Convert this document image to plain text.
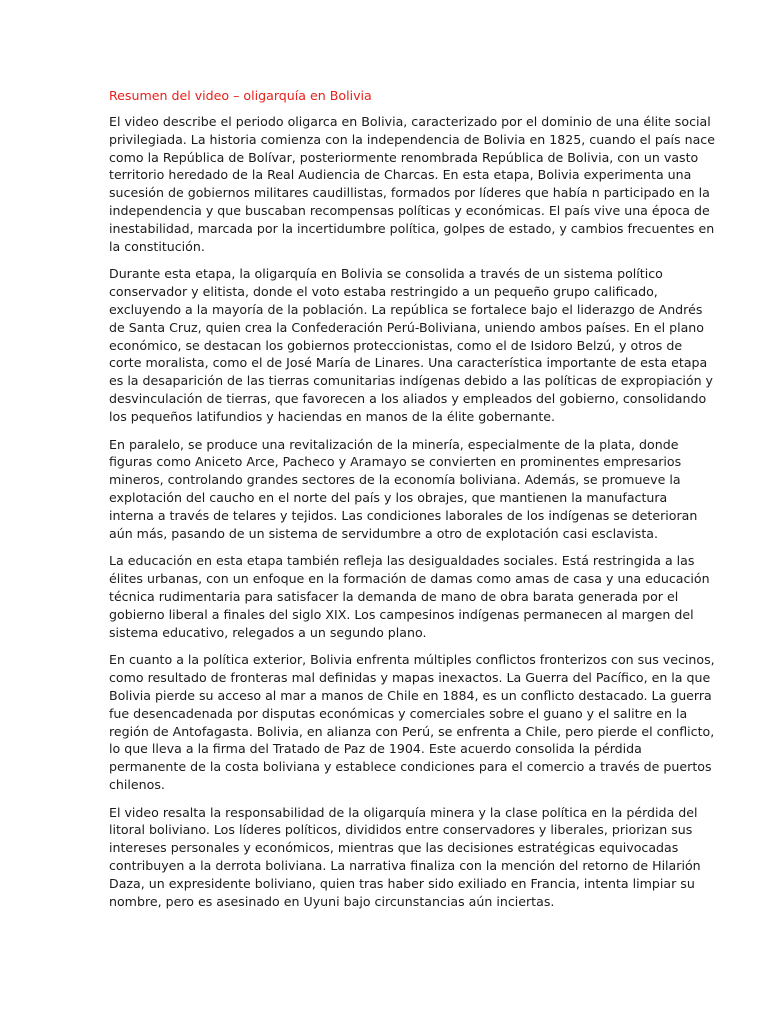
Resumen del video – oligarquía en Bolivia

El video describe el periodo oligarca en Bolivia, caracterizado por el dominio de una élite social
privilegiada. La historia comienza con la independencia de Bolivia en 1825, cuando el país nace
como la República de Bolívar, posteriormente renombrada República de Bolivia, con un vasto
territorio heredado de la Real Audiencia de Charcas. En esta etapa, Bolivia experimenta una
sucesión de gobiernos militares caudillistas, formados por líderes que había n participado en la
independencia y que buscaban recompensas políticas y económicas. El país vive una época de
inestabilidad, marcada por la incertidumbre política, golpes de estado, y cambios frecuentes en
la constitución.

Durante esta etapa, la oligarquía en Bolivia se consolida a través de un sistema político
conservador y elitista, donde el voto estaba restringido a un pequeño grupo calificado,
excluyendo a la mayoría de la población. La república se fortalece bajo el liderazgo de Andrés
de Santa Cruz, quien crea la Confederación Perú-Boliviana, uniendo ambos países. En el plano
económico, se destacan los gobiernos proteccionistas, como el de Isidoro Belzú, y otros de
corte moralista, como el de José María de Linares. Una característica importante de esta etapa
es la desaparición de las tierras comunitarias indígenas debido a las políticas de expropiación y
desvinculación de tierras, que favorecen a los aliados y empleados del gobierno, consolidando
los pequeños latifundios y haciendas en manos de la élite gobernante.

En paralelo, se produce una revitalización de la minería, especialmente de la plata, donde
figuras como Aniceto Arce, Pacheco y Aramayo se convierten en prominentes empresarios
mineros, controlando grandes sectores de la economía boliviana. Además, se promueve la
explotación del caucho en el norte del país y los obrajes, que mantienen la manufactura
interna a través de telares y tejidos. Las condiciones laborales de los indígenas se deterioran
aún más, pasando de un sistema de servidumbre a otro de explotación casi esclavista.

La educación en esta etapa también refleja las desigualdades sociales. Está restringida a las
élites urbanas, con un enfoque en la formación de damas como amas de casa y una educación
técnica rudimentaria para satisfacer la demanda de mano de obra barata generada por el
gobierno liberal a finales del siglo XIX. Los campesinos indígenas permanecen al margen del
sistema educativo, relegados a un segundo plano.

En cuanto a la política exterior, Bolivia enfrenta múltiples conflictos fronterizos con sus vecinos,
como resultado de fronteras mal definidas y mapas inexactos. La Guerra del Pacífico, en la que
Bolivia pierde su acceso al mar a manos de Chile en 1884, es un conflicto destacado. La guerra
fue desencadenada por disputas económicas y comerciales sobre el guano y el salitre en la
región de Antofagasta. Bolivia, en alianza con Perú, se enfrenta a Chile, pero pierde el conflicto,
lo que lleva a la firma del Tratado de Paz de 1904. Este acuerdo consolida la pérdida
permanente de la costa boliviana y establece condiciones para el comercio a través de puertos
chilenos.

El video resalta la responsabilidad de la oligarquía minera y la clase política en la pérdida del
litoral boliviano. Los líderes políticos, divididos entre conservadores y liberales, priorizan sus
intereses personales y económicos, mientras que las decisiones estratégicas equivocadas
contribuyen a la derrota boliviana. La narrativa finaliza con la mención del retorno de Hilarión
Daza, un expresidente boliviano, quien tras haber sido exiliado en Francia, intenta limpiar su
nombre, pero es asesinado en Uyuni bajo circunstancias aún inciertas.
